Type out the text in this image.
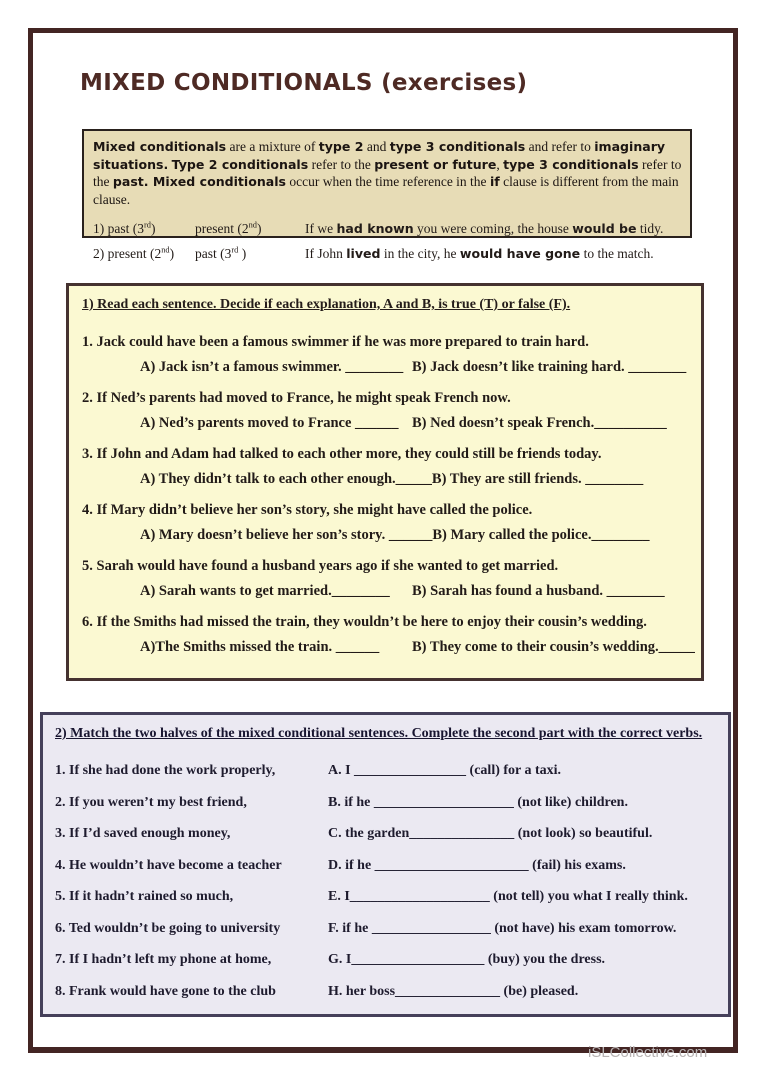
MIXED CONDITIONALS (exercises)

Mixed conditionals are a mixture of type 2 and type 3 conditionals and refer to imaginary situations. Type 2 conditionals refer to the present or future, type 3 conditionals refer to the past. Mixed conditionals occur when the time reference in the if clause is different from the main clause.

1) past (3rd)	present (2nd)	If we had known you were coming, the house would be tidy.
2) present (2nd)	past (3rd )	If John lived in the city, he would have gone to the match.
1) Read each sentence. Decide if each explanation, A and B, is true (T) or false (F).
1. Jack could have been a famous swimmer if he was more prepared to train hard.
A) Jack isn’t a famous swimmer. ________ B) Jack doesn’t like training hard. ________
2. If Ned’s parents had moved to France, he might speak French now.
A) Ned’s parents moved to France ______ B) Ned doesn’t speak French.__________
3. If John and Adam had talked to each other more, they could still be friends today.
A) They didn’t talk to each other enough._____ B) They are still friends. ________
4. If Mary didn’t believe her son’s story, she might have called the police.
A) Mary doesn’t believe her son’s story. ______ B) Mary called the police.________
5. Sarah would have found a husband years ago if she wanted to get married.
A) Sarah wants to get married.________	B) Sarah has found a husband. ________
6. If the Smiths had missed the train, they wouldn’t be here to enjoy their cousin’s wedding.
A)The Smiths missed the train. ______	B) They come to their cousin’s wedding._____
2) Match the two halves of the mixed conditional sentences. Complete the second part with the correct verbs.
1. If she had done the work properly,	A. I ________________ (call) for a taxi.
2. If you weren’t my best friend,	B. if he ____________________ (not like) children.
3. If I’d saved enough money,	C. the garden_______________ (not look) so beautiful.
4. He wouldn’t have become a teacher	D. if he ______________________ (fail) his exams.
5. If it hadn’t rained so much,	E. I____________________ (not tell) you what I really think.
6. Ted wouldn’t be going to university	F. if he _________________ (not have) his exam tomorrow.
7. If I hadn’t left my phone at home,	G. I___________________ (buy) you the dress.
8. Frank would have gone to the club	H. her boss_______________ (be) pleased.
iSLCollective.com
